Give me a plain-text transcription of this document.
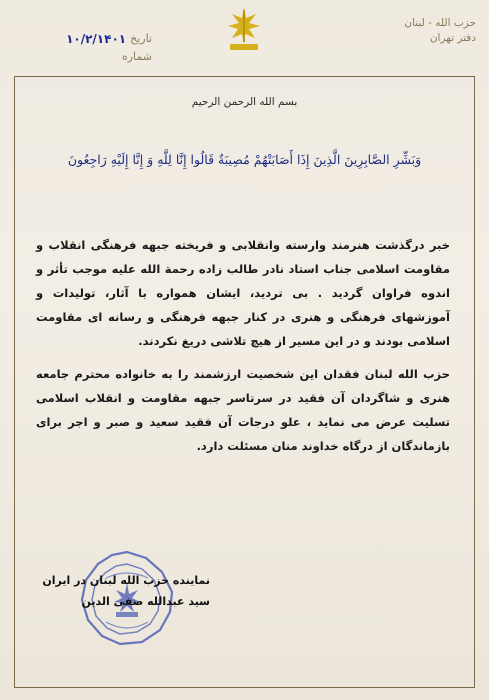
تاريخ
۱۰/۲/۱۴۰۱
شماره
حزب الله - لبنان
دفتر تهران
بسم الله الرحمن الرحيم
وَبَشِّرِ الصَّابِرِينَ الَّذِينَ إِذَا أَصَابَتْهُمْ مُصِيبَةٌ قَالُوا إِنَّا لِلَّهِ وَ إِنَّا إِلَيْهِ رَاجِعُونَ
خبر درگذشت هنرمند وارسته وانقلابی و فریخته جبهه فرهنگی انقلاب و مقاومت اسلامی جناب استاد نادر طالب زاده رحمة الله علیه موجب تأثر و اندوه فراوان گردید . بی تردید، ایشان همواره با آثار، تولیدات و آموزشهای فرهنگی و هنری در کنار جبهه فرهنگی و رسانه ای مقاومت اسلامی بودند و در این مسیر از هیچ تلاشی دریغ نکردند.
حزب الله لبنان فقدان این شخصیت ارزشمند را به خانواده محترم جامعه هنری و شاگردان آن فقید در سرتاسر جبهه مقاومت و انقلاب اسلامی تسلیت عرض می نماید ، علو درجات آن فقید سعید و صبر و اجر برای بازماندگان از درگاه خداوند منان مسئلت دارد.
نماینده حزب الله لبنان در ایران
سید عبدالله صفی الدین
